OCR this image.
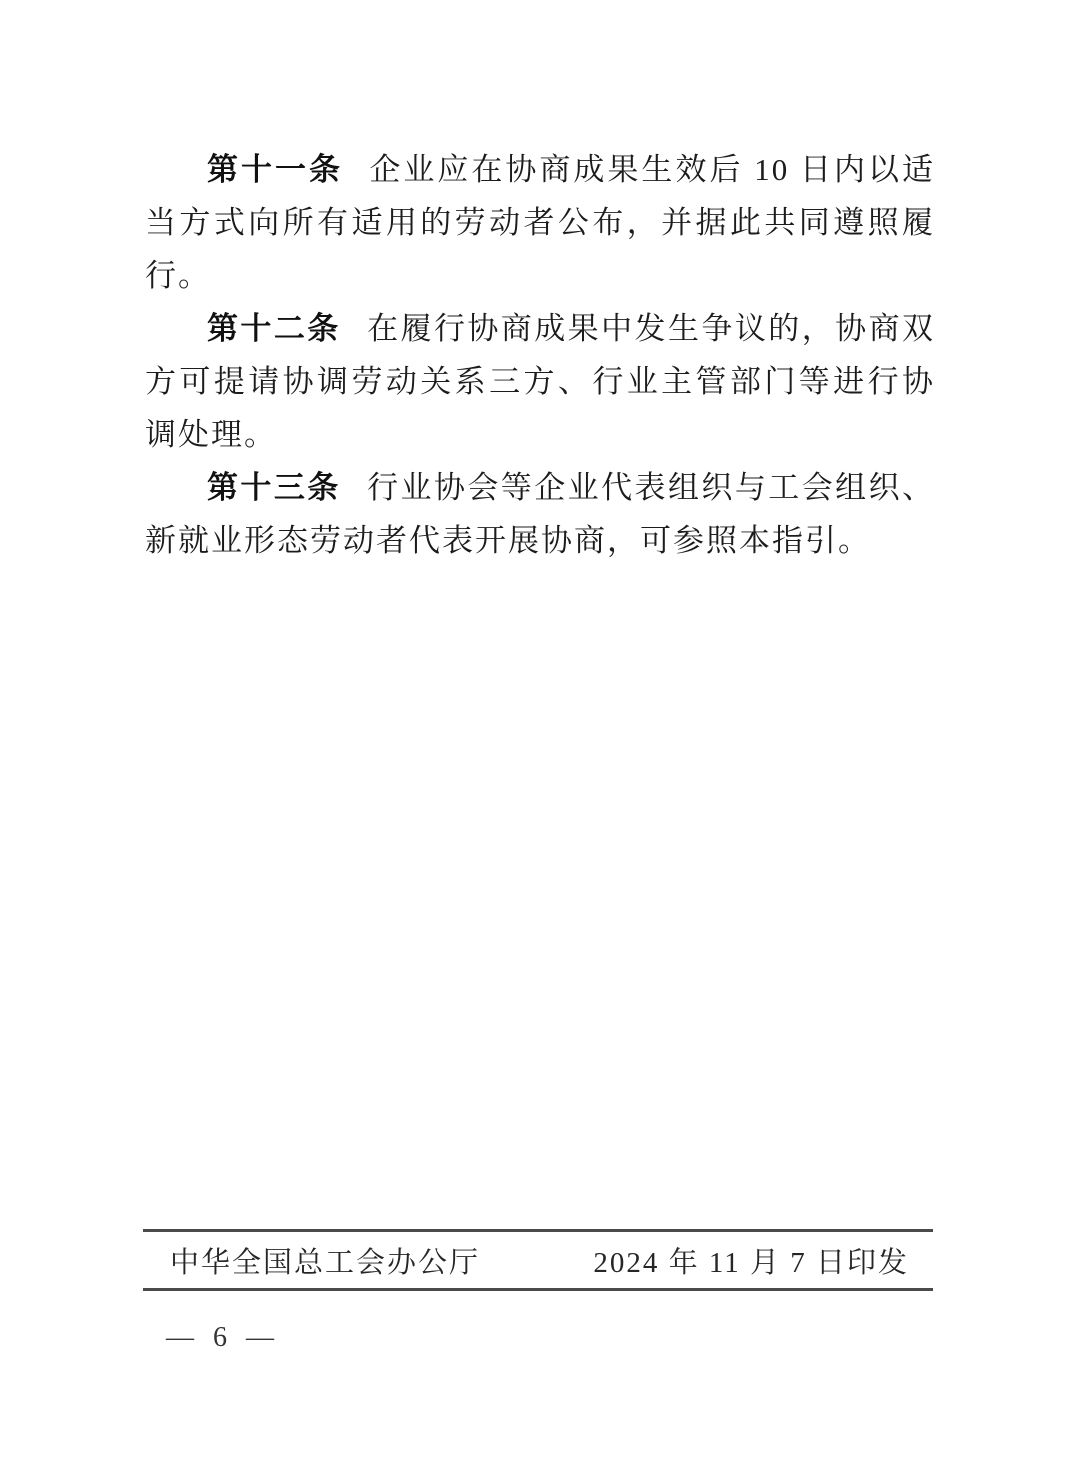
第十一条 企业应在协商成果生效后 10 日内以适当方式向所有适用的劳动者公布，并据此共同遵照履行。

第十二条 在履行协商成果中发生争议的，协商双方可提请协调劳动关系三方、行业主管部门等进行协调处理。

第十三条 行业协会等企业代表组织与工会组织、新就业形态劳动者代表开展协商，可参照本指引。

中华全国总工会办公厅	2024 年 11 月 7 日印发
— 6 —
